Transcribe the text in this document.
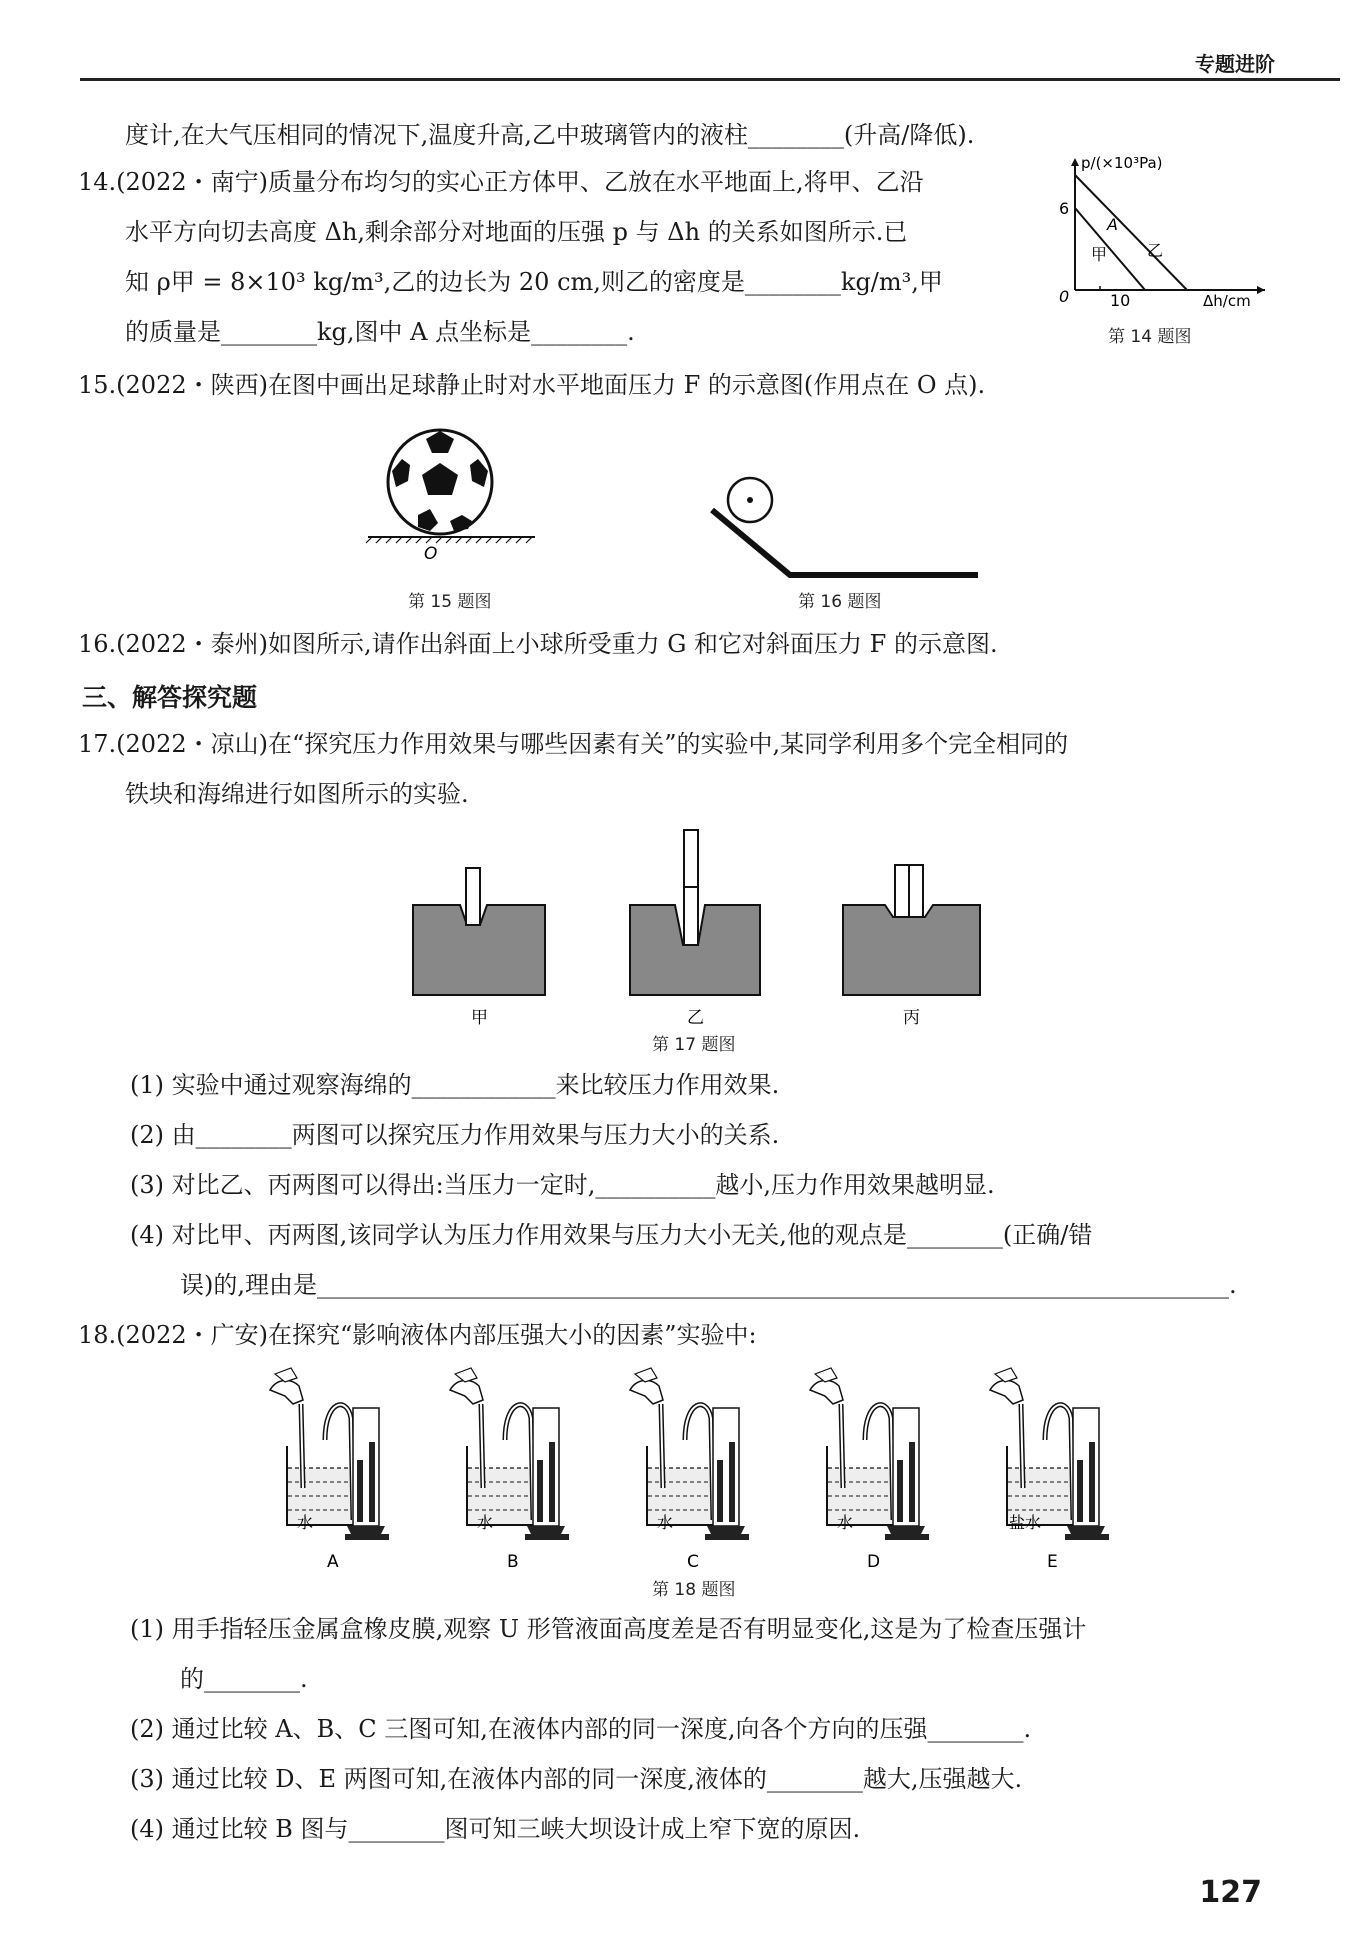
专题进阶
度计,在大气压相同的情况下,温度升高,乙中玻璃管内的液柱________(升高/降低).
14.(2022・南宁)质量分布均匀的实心正方体甲、乙放在水平地面上,将甲、乙沿
水平方向切去高度 Δh,剩余部分对地面的压强 p 与 Δh 的关系如图所示.已
知 ρ甲 = 8×10³ kg/m³,乙的边长为 20 cm,则乙的密度是________kg/m³,甲
的质量是________kg,图中 A 点坐标是________.
p/(×10³Pa)
6
0	10	Δh/cm
A
甲 乙
第 14 题图
15.(2022・陕西)在图中画出足球静止时对水平地面压力 F 的示意图(作用点在 O 点).
O
第 15 题图	第 16 题图
16.(2022・泰州)如图所示,请作出斜面上小球所受重力 G 和它对斜面压力 F 的示意图.
三、解答探究题
17.(2022・凉山)在“探究压力作用效果与哪些因素有关”的实验中,某同学利用多个完全相同的
铁块和海绵进行如图所示的实验.
甲	乙	丙
第 17 题图
(1) 实验中通过观察海绵的____________来比较压力作用效果.
(2) 由________两图可以探究压力作用效果与压力大小的关系.
(3) 对比乙、丙两图可以得出:当压力一定时,__________越小,压力作用效果越明显.
(4) 对比甲、丙两图,该同学认为压力作用效果与压力大小无关,他的观点是________(正确/错
误)的,理由是____________________________________________________________________________.
18.(2022・广安)在探究“影响液体内部压强大小的因素”实验中:
水	水	水	水	盐水
A	B	C	D	E
第 18 题图
(1) 用手指轻压金属盒橡皮膜,观察 U 形管液面高度差是否有明显变化,这是为了检查压强计
的________.
(2) 通过比较 A、B、C 三图可知,在液体内部的同一深度,向各个方向的压强________.
(3) 通过比较 D、E 两图可知,在液体内部的同一深度,液体的________越大,压强越大.
(4) 通过比较 B 图与________图可知三峡大坝设计成上窄下宽的原因.
127
